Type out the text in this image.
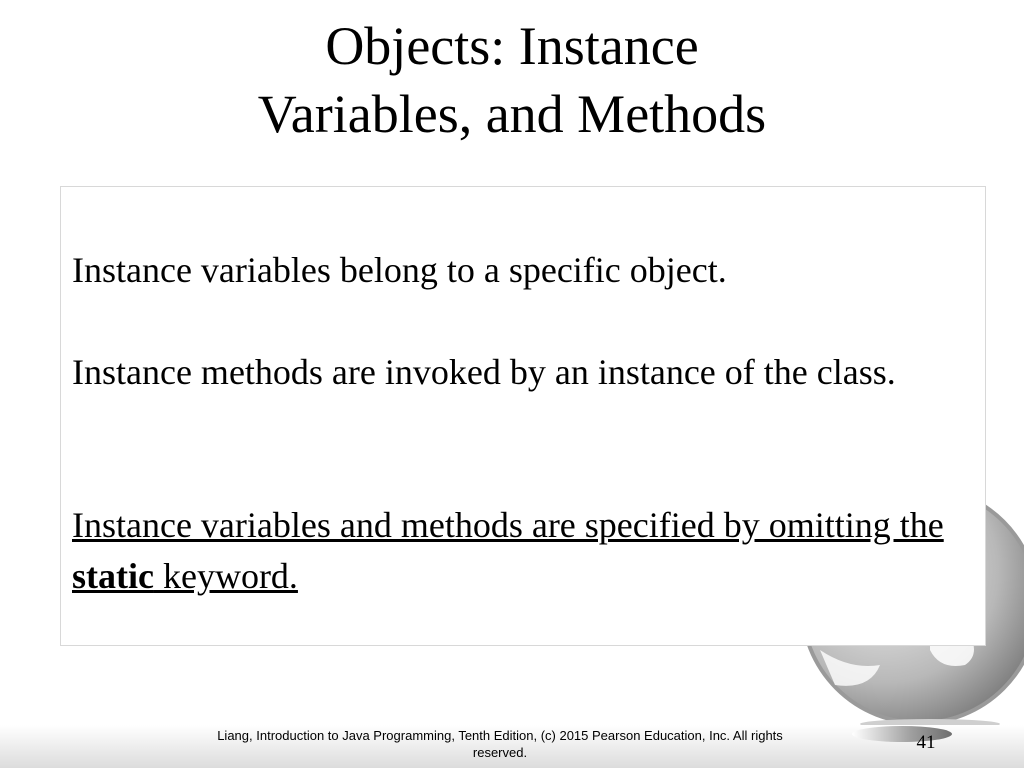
Objects: Instance
Variables, and Methods

Instance variables belong to a specific object.

Instance methods are invoked by an instance of the class.

Instance variables and methods are specified by omitting the static keyword.

Liang, Introduction to Java Programming, Tenth Edition, (c) 2015 Pearson Education, Inc. All rights reserved.	41
